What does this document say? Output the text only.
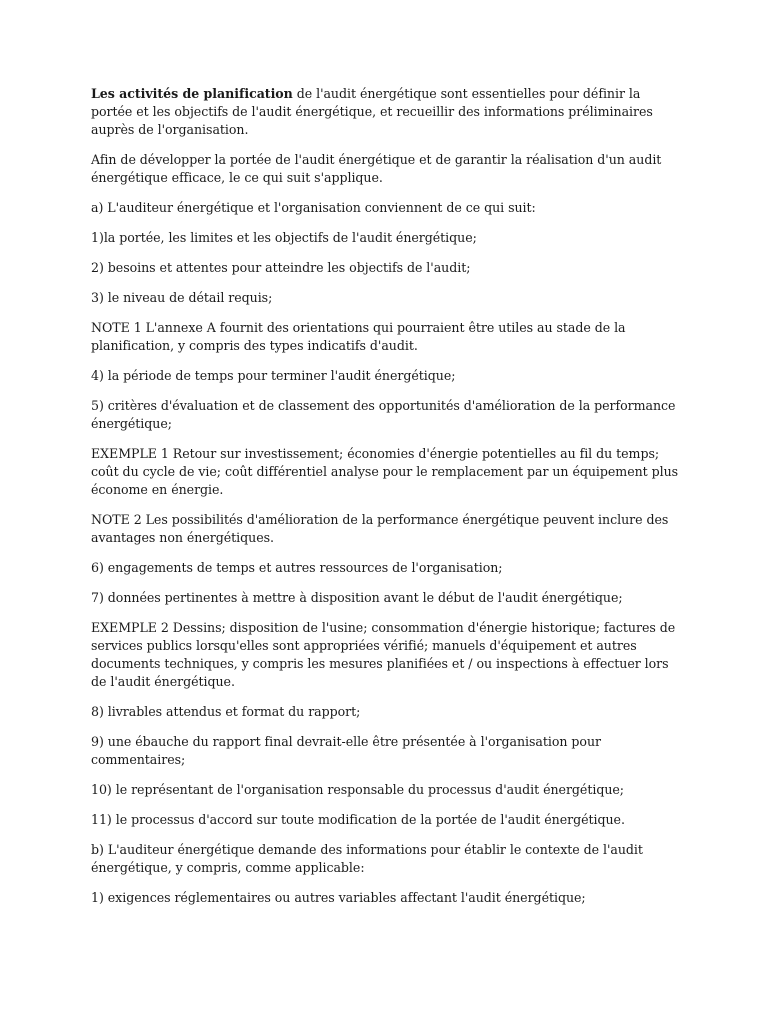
Les activités de planification de l'audit énergétique sont essentielles pour définir la portée et les objectifs de l'audit énergétique, et recueillir des informations préliminaires auprès de l'organisation.

Afin de développer la portée de l'audit énergétique et de garantir la réalisation d'un audit énergétique efficace, le ce qui suit s'applique.

a) L'auditeur énergétique et l'organisation conviennent de ce qui suit:

1)la portée, les limites et les objectifs de l'audit énergétique;

2) besoins et attentes pour atteindre les objectifs de l'audit;

3) le niveau de détail requis;

NOTE 1 L'annexe A fournit des orientations qui pourraient être utiles au stade de la planification, y compris des types indicatifs d'audit.

4) la période de temps pour terminer l'audit énergétique;

5) critères d'évaluation et de classement des opportunités d'amélioration de la performance énergétique;

EXEMPLE 1 Retour sur investissement; économies d'énergie potentielles au fil du temps; coût du cycle de vie; coût différentiel analyse pour le remplacement par un équipement plus économe en énergie.

NOTE 2 Les possibilités d'amélioration de la performance énergétique peuvent inclure des avantages non énergétiques.

6) engagements de temps et autres ressources de l'organisation;

7) données pertinentes à mettre à disposition avant le début de l'audit énergétique;

EXEMPLE 2 Dessins; disposition de l'usine; consommation d'énergie historique; factures de services publics lorsqu'elles sont appropriées vérifié; manuels d'équipement et autres documents techniques, y compris les mesures planifiées et / ou inspections à effectuer lors de l'audit énergétique.

8) livrables attendus et format du rapport;

9) une ébauche du rapport final devrait-elle être présentée à l'organisation pour commentaires;

10) le représentant de l'organisation responsable du processus d'audit énergétique;

11) le processus d'accord sur toute modification de la portée de l'audit énergétique.

b) L'auditeur énergétique demande des informations pour établir le contexte de l'audit énergétique, y compris, comme applicable:

1) exigences réglementaires ou autres variables affectant l'audit énergétique;
